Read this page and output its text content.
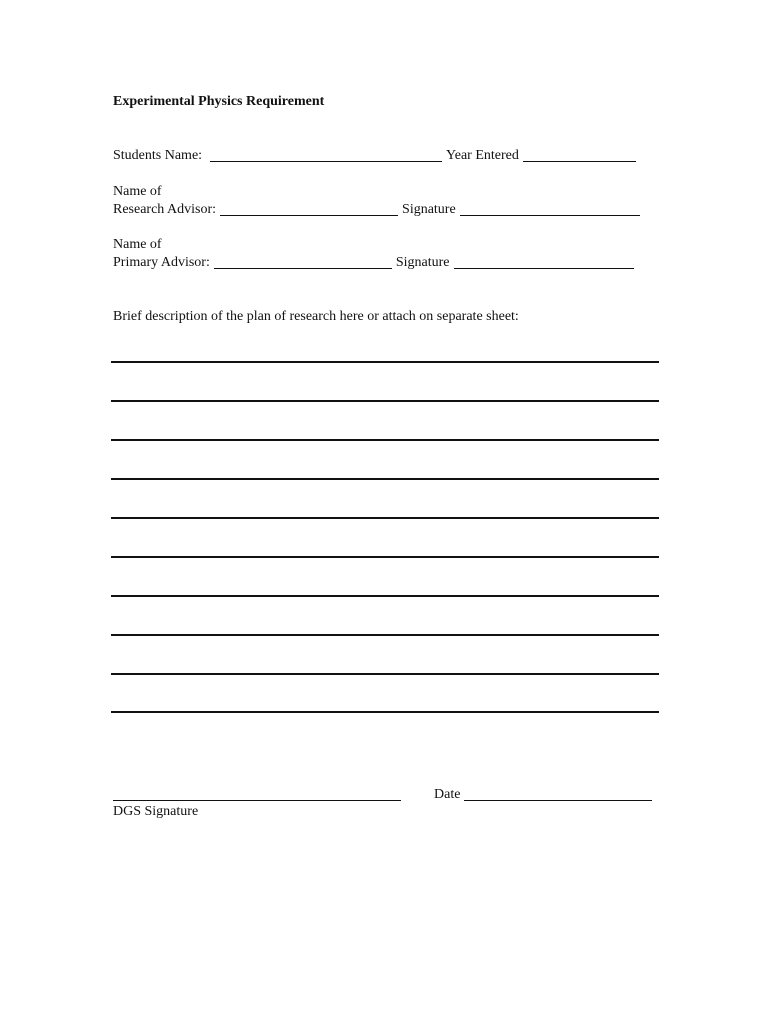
Experimental Physics Requirement
Students Name:	Year Entered
Name of
Research Advisor:	Signature
Name of
Primary Advisor:	Signature
Brief description of the plan of research here or attach on separate sheet:
DGS Signature
Date
